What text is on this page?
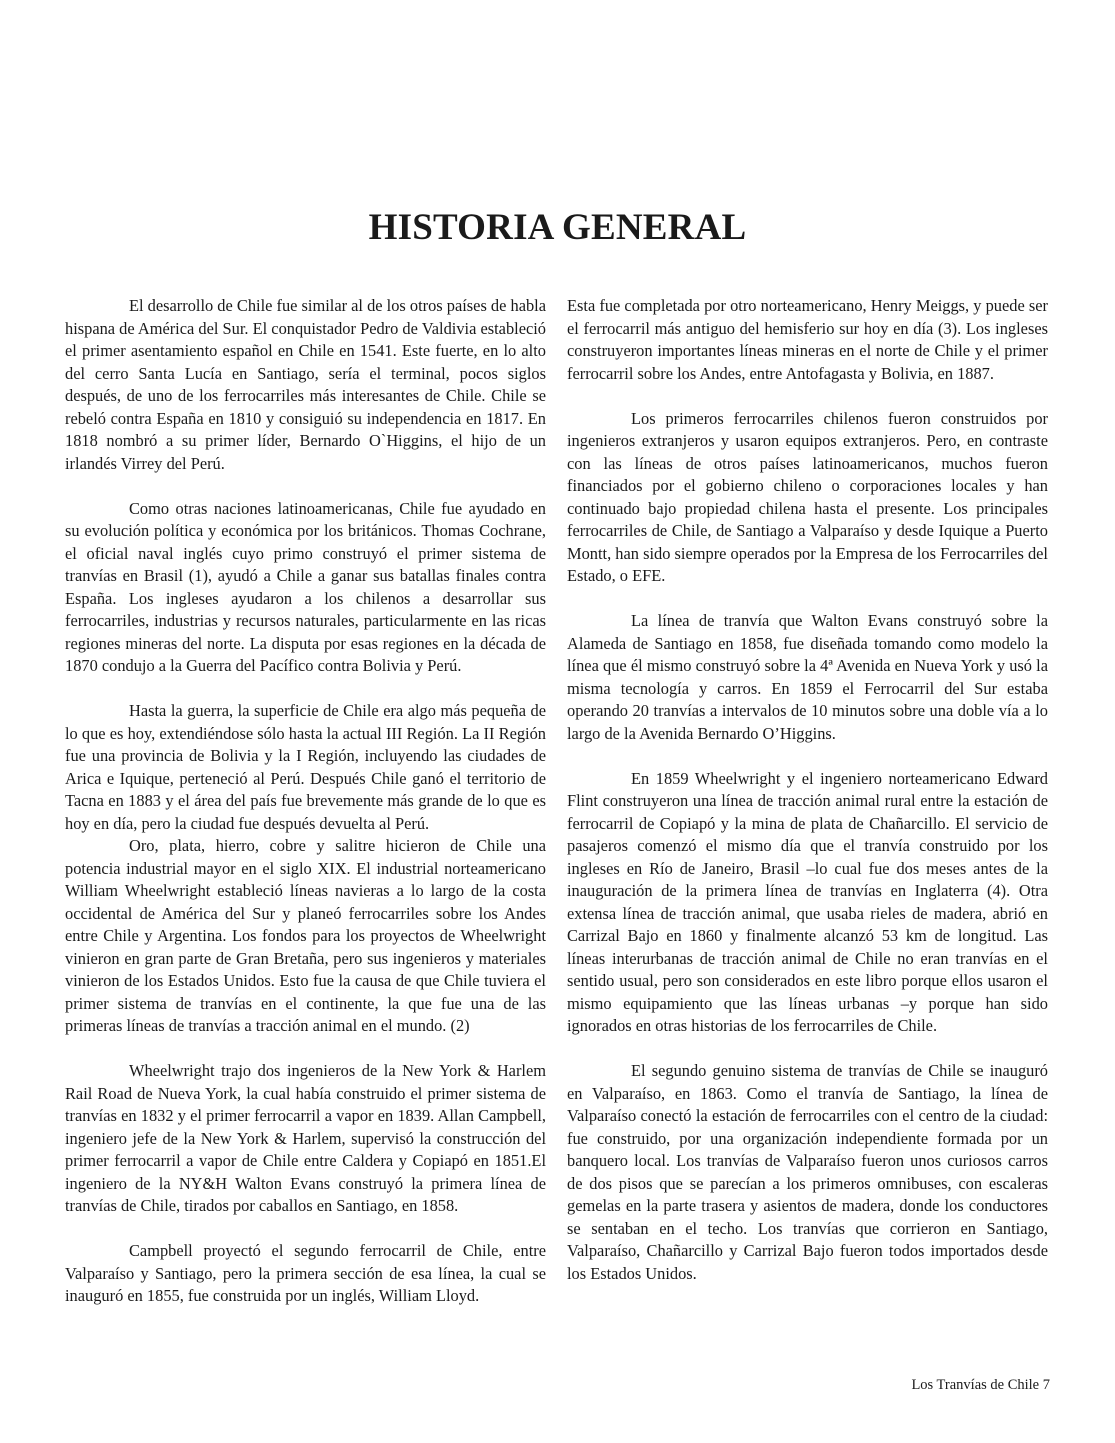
HISTORIA GENERAL

El desarrollo de Chile fue similar al de los otros países de habla hispana de América del Sur. El conquistador Pedro de Valdivia estableció el primer asentamiento español en Chile en 1541. Este fuerte, en lo alto del cerro Santa Lucía en Santiago, sería el terminal, pocos siglos después, de uno de los ferrocarriles más interesantes de Chile. Chile se rebeló contra España en 1810 y consiguió su independencia en 1817. En 1818 nombró a su primer líder, Bernardo O`Higgins, el hijo de un irlandés Virrey del Perú.

Como otras naciones latinoamericanas, Chile fue ayudado en su evolución política y económica por los británicos. Thomas Cochrane, el oficial naval inglés cuyo primo construyó el primer sistema de tranvías en Brasil (1), ayudó a Chile a ganar sus batallas finales contra España. Los ingleses ayudaron a los chilenos a desarrollar sus ferrocarriles, industrias y recursos naturales, particularmente en las ricas regiones mineras del norte. La disputa por esas regiones en la década de 1870 condujo a la Guerra del Pacífico contra Bolivia y Perú.

Hasta la guerra, la superficie de Chile era algo más pequeña de lo que es hoy, extendiéndose sólo hasta la actual III Región. La II Región fue una provincia de Bolivia y la I Región, incluyendo las ciudades de Arica e Iquique, perteneció al Perú. Después Chile ganó el territorio de Tacna en 1883 y el área del país fue brevemente más grande de lo que es hoy en día, pero la ciudad fue después devuelta al Perú.

Oro, plata, hierro, cobre y salitre hicieron de Chile una potencia industrial mayor en el siglo XIX. El industrial norteamericano William Wheelwright estableció líneas navieras a lo largo de la costa occidental de América del Sur y planeó ferrocarriles sobre los Andes entre Chile y Argentina. Los fondos para los proyectos de Wheelwright vinieron en gran parte de Gran Bretaña, pero sus ingenieros y materiales vinieron de los Estados Unidos. Esto fue la causa de que Chile tuviera el primer sistema de tranvías en el continente, la que fue una de las primeras líneas de tranvías a tracción animal en el mundo. (2)

Wheelwright trajo dos ingenieros de la New York & Harlem Rail Road de Nueva York, la cual había construido el primer sistema de tranvías en 1832 y el primer ferrocarril a vapor en 1839. Allan Campbell, ingeniero jefe de la New York & Harlem, supervisó la construcción del primer ferrocarril a vapor de Chile entre Caldera y Copiapó en 1851.El ingeniero de la NY&H Walton Evans construyó la primera línea de tranvías de Chile, tirados por caballos en Santiago, en 1858.

Campbell proyectó el segundo ferrocarril de Chile, entre Valparaíso y Santiago, pero la primera sección de esa línea, la cual se inauguró en 1855, fue construida por un inglés, William Lloyd.

Esta fue completada por otro norteamericano, Henry Meiggs, y puede ser el ferrocarril más antiguo del hemisferio sur hoy en día (3). Los ingleses construyeron importantes líneas mineras en el norte de Chile y el primer ferrocarril sobre los Andes, entre Antofagasta y Bolivia, en 1887.

Los primeros ferrocarriles chilenos fueron construidos por ingenieros extranjeros y usaron equipos extranjeros. Pero, en contraste con las líneas de otros países latinoamericanos, muchos fueron financiados por el gobierno chileno o corporaciones locales y han continuado bajo propiedad chilena hasta el presente. Los principales ferrocarriles de Chile, de Santiago a Valparaíso y desde Iquique a Puerto Montt, han sido siempre operados por la Empresa de los Ferrocarriles del Estado, o EFE.

La línea de tranvía que Walton Evans construyó sobre la Alameda de Santiago en 1858, fue diseñada tomando como modelo la línea que él mismo construyó sobre la 4ª Avenida en Nueva York y usó la misma tecnología y carros. En 1859 el Ferrocarril del Sur estaba operando 20 tranvías a intervalos de 10 minutos sobre una doble vía a lo largo de la Avenida Bernardo O’Higgins.

En 1859 Wheelwright y el ingeniero norteamericano Edward Flint construyeron una línea de tracción animal rural entre la estación de ferrocarril de Copiapó y la mina de plata de Chañarcillo. El servicio de pasajeros comenzó el mismo día que el tranvía construido por los ingleses en Río de Janeiro, Brasil –lo cual fue dos meses antes de la inauguración de la primera línea de tranvías en Inglaterra (4). Otra extensa línea de tracción animal, que usaba rieles de madera, abrió en Carrizal Bajo en 1860 y finalmente alcanzó 53 km de longitud. Las líneas interurbanas de tracción animal de Chile no eran tranvías en el sentido usual, pero son considerados en este libro porque ellos usaron el mismo equipamiento que las líneas urbanas –y porque han sido ignorados en otras historias de los ferrocarriles de Chile.

El segundo genuino sistema de tranvías de Chile se inauguró en Valparaíso, en 1863. Como el tranvía de Santiago, la línea de Valparaíso conectó la estación de ferrocarriles con el centro de la ciudad: fue construido, por una organización independiente formada por un banquero local. Los tranvías de Valparaíso fueron unos curiosos carros de dos pisos que se parecían a los primeros omnibuses, con escaleras gemelas en la parte trasera y asientos de madera, donde los conductores se sentaban en el techo. Los tranvías que corrieron en Santiago, Valparaíso, Chañarcillo y Carrizal Bajo fueron todos importados desde los Estados Unidos.

Los Tranvías de Chile 7
